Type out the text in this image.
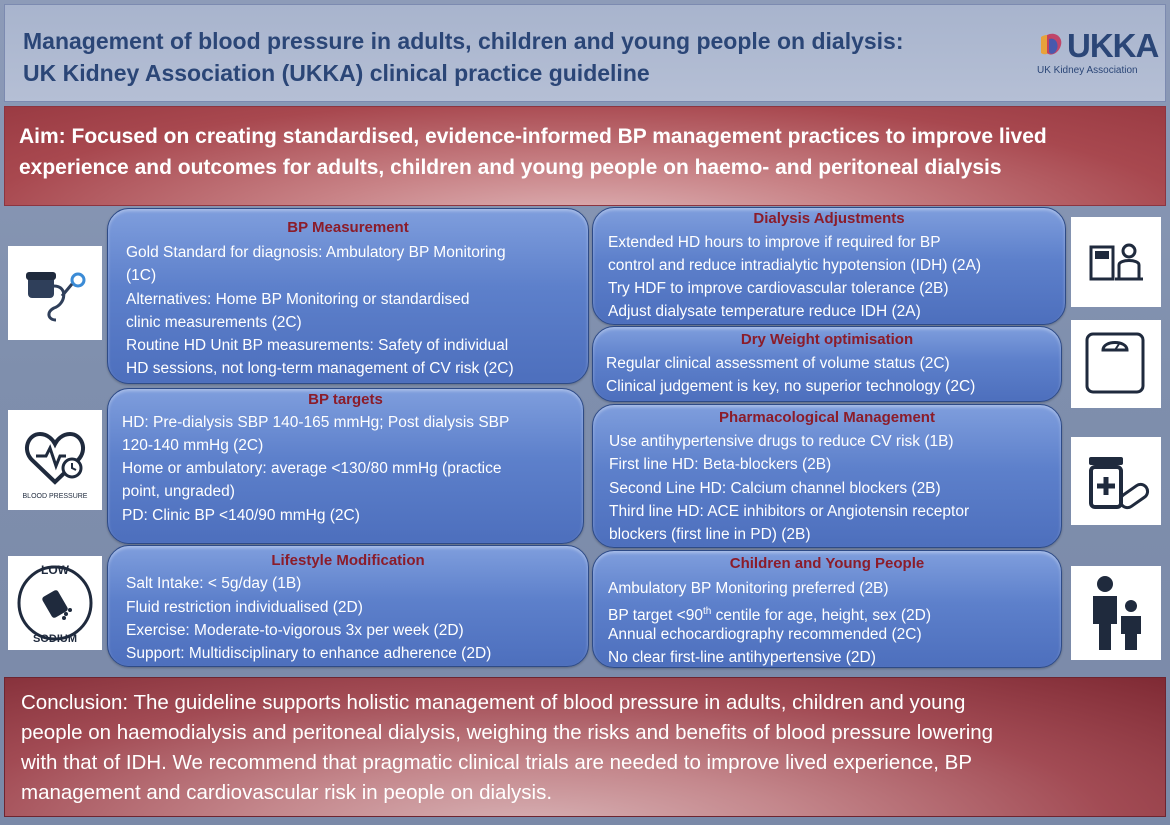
Management of blood pressure in adults, children and young people on dialysis:
UK Kidney Association (UKKA) clinical practice guideline
UKKA
UK Kidney Association
Aim: Focused on creating standardised, evidence-informed BP management practices to improve lived
experience and outcomes for adults, children and young people on haemo- and peritoneal dialysis
BLOOD PRESSURE
LOW
SODIUM
BP Measurement
Gold Standard for diagnosis: Ambulatory BP Monitoring
(1C)
Alternatives: Home BP Monitoring or standardised
clinic measurements (2C)
Routine HD Unit BP measurements: Safety of individual
HD sessions, not long-term management of CV risk (2C)
BP targets
HD: Pre-dialysis SBP 140-165 mmHg; Post dialysis SBP
120-140 mmHg (2C)
Home or ambulatory: average <130/80 mmHg (practice
point, ungraded)
PD: Clinic BP <140/90 mmHg (2C)
Lifestyle Modification
Salt Intake: < 5g/day (1B)
Fluid restriction individualised (2D)
Exercise: Moderate-to-vigorous 3x per week (2D)
Support: Multidisciplinary to enhance adherence (2D)
Dialysis Adjustments
Extended HD hours to improve if required for BP
control and reduce intradialytic hypotension (IDH) (2A)
Try HDF to improve cardiovascular tolerance (2B)
Adjust dialysate temperature reduce IDH (2A)
Dry Weight optimisation
Regular clinical assessment of volume status (2C)
Clinical judgement is key, no superior technology (2C)
Pharmacological Management
Use antihypertensive drugs to reduce CV risk (1B)
First line HD: Beta-blockers (2B)
Second Line HD: Calcium channel blockers (2B)
Third line HD: ACE inhibitors or Angiotensin receptor
blockers (first line in PD) (2B)
Children and Young People
Ambulatory BP Monitoring preferred (2B)
BP target <90th centile for age, height, sex (2D)
Annual echocardiography recommended (2C)
No clear first-line antihypertensive (2D)
Conclusion: The guideline supports holistic management of blood pressure in adults, children and young
people on haemodialysis and peritoneal dialysis, weighing the risks and benefits of blood pressure lowering
with that of IDH. We recommend that pragmatic clinical trials are needed to improve lived experience, BP
management and cardiovascular risk in people on dialysis.
